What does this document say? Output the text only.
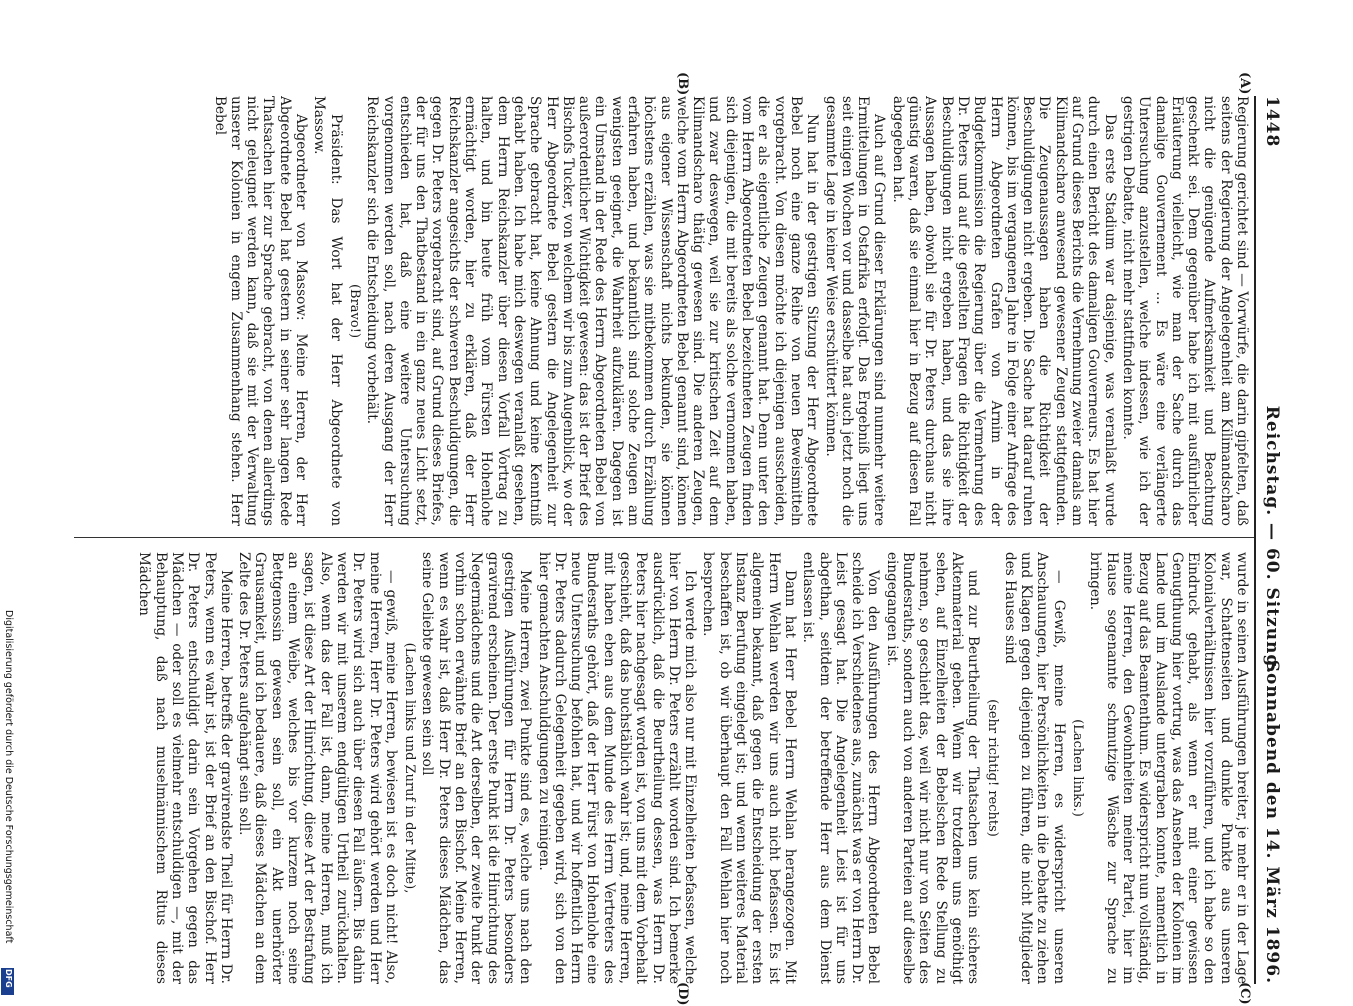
1448
Reichstag. — 60. Sitzung.
Sonnabend den 14. März 1896.
(A)
(B)
(C)
(D)

Regierung gerichtet sind — Vorwürfe, die darin gipfelten, daß seitens der Regierung der Angelegenheit am Kilimandscharo nicht die genügende Aufmerksamkeit und Beachtung geschenkt sei. Dem gegenüber habe ich mit ausführlicher Erläuterung vielleicht, wie man der Sache durch das damalige Gouvernement ... Es wäre eine verlängerte Untersuchung anzustellen, welche indessen, wie ich der gestrigen Debatte, nicht mehr stattfinden konnte.

Das erste Stadium war dasjenige, was veranlaßt wurde durch einen Bericht des damaligen Gouverneurs. Es hat hier auf Grund dieses Berichts die Vernehmung zweier damals am Kilimandscharo anwesend gewesener Zeugen stattgefunden. Die Zeugenaussagen haben die Richtigkeit der Beschuldigungen nicht ergeben. Die Sache hat darauf ruhen können, bis im vergangenen Jahre in Folge einer Anfrage des Herrn Abgeordneten Grafen von Arnim in der Budgetkommission die Regierung über die Vermehrung des Dr. Peters und auf die gestellten Fragen die Richtigkeit der Beschuldigungen nicht ergeben haben, und das sie ihre Aussagen haben, obwohl sie für Dr. Peters durchaus nicht günstig waren, daß sie einmal hier in Bezug auf diesen Fall abgegeben hat.

Auch auf Grund dieser Erklärungen sind nunmehr weitere Ermittelungen in Ostafrika erfolgt. Das Ergebniß liegt uns seit einigen Wochen vor und dasselbe hat auch jetzt noch die gesammte Lage in keiner Weise erschüttert können.

Nun hat in der gestrigen Sitzung der Herr Abgeordnete Bebel noch eine ganze Reihe von neuen Beweismitteln vorgebracht. Von diesen möchte ich diejenigen ausscheiden, die er als eigentliche Zeugen genannt hat. Denn unter den vom Herrn Abgeordneten Bebel bezeichneten Zeugen finden sich diejenigen, die mit bereits als solche vernommen haben, und zwar deswegen, weil sie zur kritischen Zeit auf dem Kilimandscharo thätig gewesen sind. Die anderen Zeugen, welche vom Herrn Abgeordneten Bebel genannt sind, können aus eigener Wissenschaft nichts bekunden, sie können höchstens erzählen, was sie mitbekommen durch Erzählung erfahren haben, und bekanntlich sind solche Zeugen am wenigsten geeignet, die Wahrheit aufzuklären. Dagegen ist ein Umstand in der Rede des Herrn Abgeordneten Bebel von außerordentlicher Wichtigkeit gewesen: das ist der Brief des Bischofs Tucker, von welchem wir bis zum Augenblick, wo der Herr Abgeordnete Bebel gestern die Angelegenheit zur Sprache gebracht hat, keine Ahnung und keine Kenntniß gehabt haben. Ich habe mich deswegen veranlaßt gesehen, dem Herrn Reichskanzler über diesen Vorfall Vortrag zu halten, und bin heute früh vom Fürsten Hohenlohe ermächtigt worden, hier zu erklären, daß der Herr Reichskanzler angesichts der schweren Beschuldigungen, die gegen Dr. Peters vorgebracht sind, auf Grund dieses Briefes, der für uns den Thatbestand in ein ganz neues Licht setzt, entschieden hat, daß eine weitere Untersuchung vorgenommen werden soll, nach deren Ausgang der Herr Reichskanzler sich die Entscheidung vorbehält.

(Bravo!)

Präsident: Das Wort hat der Herr Abgeordnete von Massow.

Abgeordneter von Massow: Meine Herren, der Herr Abgeordnete Bebel hat gestern in seiner sehr langen Rede Thatsachen hier zur Sprache gebracht, von denen allerdings nicht geleugnet werden kann, daß sie mit der Verwaltung unserer Kolonien in engem Zusammenhang stehen. Herr Bebel

wurde in seinen Ausführungen breiter, je mehr er in der Lage war, Schattenseiten und dunkle Punkte aus unseren Kolonialverhältnissen hier vorzuführen, und ich habe so den Eindruck gehabt, als wenn er mit einer gewissen Genugthuung hier vortrug, was das Ansehen der Kolonien im Lande und im Auslande untergraben konnte, namentlich in Bezug auf das Beamtenthum. Es widerspricht nun vollständig, meine Herren, den Gewohnheiten meiner Partei, hier im Hause sogenannte schmutzige Wäsche zur Sprache zu bringen.

(Lachen links.)

— Gewiß, meine Herren, es widerspricht unseren Anschauungen, hier Persönlichkeiten in die Debatte zu ziehen und Klagen gegen diejenigen zu führen, die nicht Mitglieder des Hauses sind

(sehr richtig! rechts)

und zur Beurtheilung der Thatsachen uns kein sicheres Aktenmaterial geben. Wenn wir trotzdem uns genöthigt sehen, auf Einzelheiten der Bebelschen Rede Stellung zu nehmen, so geschieht das, weil wir nicht nur von Seiten des Bundesraths, sondern auch von anderen Parteien auf dieselbe eingegangen ist.

Von den Ausführungen des Herrn Abgeordneten Bebel scheide ich Verschiedenes aus, zunächst was er von Herrn Dr. Leist gesagt hat. Die Angelegenheit Leist ist für uns abgethan, seitdem der betreffende Herr aus dem Dienst entlassen ist.

Dann hat Herr Bebel Herrn Wehlan herangezogen. Mit Herrn Wehlan werden wir uns auch nicht befassen. Es ist allgemein bekannt, daß gegen die Entscheidung der ersten Instanz Berufung eingelegt ist; und wenn weiteres Material beschaffen ist, ob wir überhaupt den Fall Wehlan hier noch besprechen.

Ich werde mich also nur mit Einzelheiten befassen, welche hier von Herrn Dr. Peters erzählt worden sind. Ich bemerke ausdrücklich, daß die Beurtheilung dessen, was Herrn Dr. Peters hier nachgesagt worden ist, von uns mit dem Vorbehalt geschieht, daß das buchstäblich wahr ist; und, meine Herren, mit haben eben aus dem Munde des Herrn Vertreters des Bundesraths gehört, daß der Herr Fürst von Hohenlohe eine neue Untersuchung befohlen hat, und wir hoffentlich Herrn Dr. Peters dadurch Gelegenheit gegeben wird, sich von den hier gemachten Anschuldigungen zu reinigen.

Meine Herren, zwei Punkte sind es, welche uns nach den gestrigen Ausführungen für Herrn Dr. Peters besonders gravirend erscheinen. Der erste Punkt ist die Hinrichtung des Negermädchens und die Art derselben, der zweite Punkt der vorhin schon erwähnte Brief an den Bischof. Meine Herren, wenn es wahr ist, daß Herr Dr. Peters dieses Mädchen, das seine Geliebte gewesen sein soll

(Lachen links und Zuruf in der Mitte),

— gewiß, meine Herren, bewiesen ist es doch nicht! Also, meine Herren, Herr Dr. Peters wird gehört werden und Herr Dr. Peters wird sich auch über diesen Fall äußern. Bis dahin werden wir mit unserem endgültigen Urtheil zurückhalten. Also, wenn das der Fall ist, dann, meine Herren, muß ich sagen, ist diese Art der Hinrichtung, diese Art der Bestrafung an einem Weibe, welches bis vor kurzem noch seine Bettgenossin gewesen sein soll, ein Akt unerhörter Grausamkeit, und ich bedauere, daß dieses Mädchen an dem Zelte des Dr. Peters aufgehängt sein soll.

Meine Herren, betreffs der gravirendste Theil für Herrn Dr. Peters, wenn es wahr ist, ist der Brief an den Bischof. Herr Dr. Peters entschuldigt darin sein Vorgehen gegen das Mädchen — oder soll es vielmehr entschuldigen —, mit der Behauptung, daß nach muselmännischem Ritus dieses Mädchen

Digitalisierung gefördert durch die Deutsche Forschungsgemeinschaft
DFG
